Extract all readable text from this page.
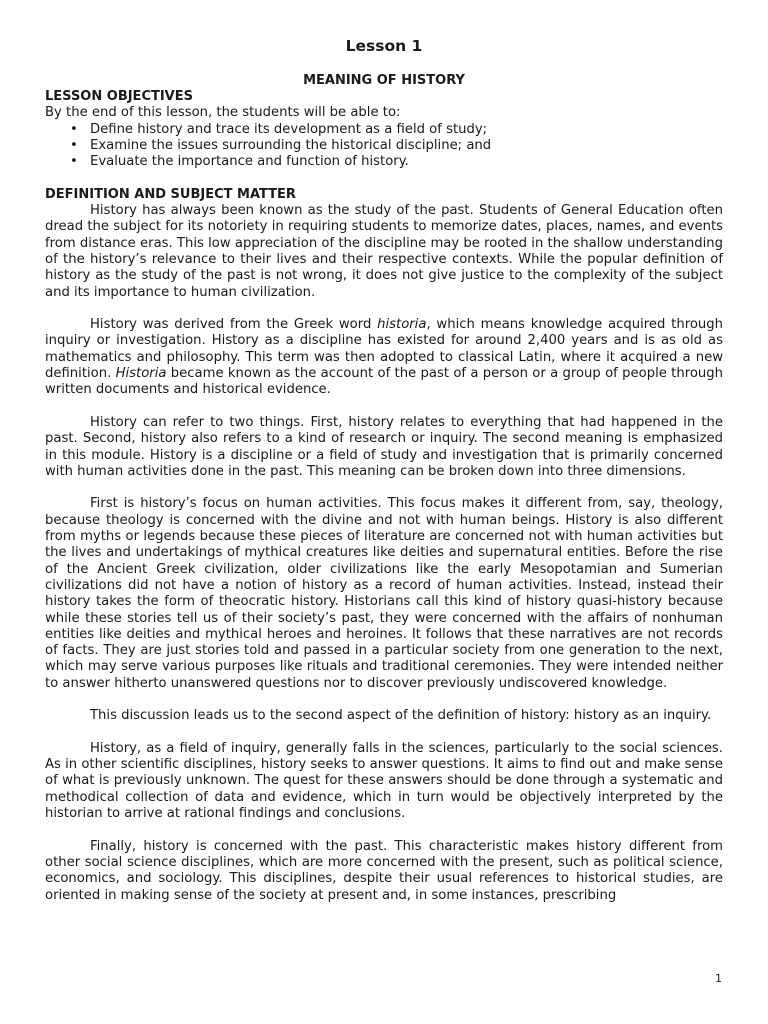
Lesson 1
MEANING OF HISTORY
LESSON OBJECTIVES

By the end of this lesson, the students will be able to:

• Define history and trace its development as a field of study;
• Examine the issues surrounding the historical discipline; and
• Evaluate the importance and function of history.
DEFINITION AND SUBJECT MATTER

History has always been known as the study of the past. Students of General Education often dread the subject for its notoriety in requiring students to memorize dates, places, names, and events from distance eras. This low appreciation of the discipline may be rooted in the shallow understanding of the history’s relevance to their lives and their respective contexts. While the popular definition of history as the study of the past is not wrong, it does not give justice to the complexity of the subject and its importance to human civilization.

History was derived from the Greek word historia, which means knowledge acquired through inquiry or investigation. History as a discipline has existed for around 2,400 years and is as old as mathematics and philosophy. This term was then adopted to classical Latin, where it acquired a new definition. Historia became known as the account of the past of a person or a group of people through written documents and historical evidence.

History can refer to two things. First, history relates to everything that had happened in the past. Second, history also refers to a kind of research or inquiry. The second meaning is emphasized in this module. History is a discipline or a field of study and investigation that is primarily concerned with human activities done in the past. This meaning can be broken down into three dimensions.

First is history’s focus on human activities. This focus makes it different from, say, theology, because theology is concerned with the divine and not with human beings. History is also different from myths or legends because these pieces of literature are concerned not with human activities but the lives and undertakings of mythical creatures like deities and supernatural entities. Before the rise of the Ancient Greek civilization, older civilizations like the early Mesopotamian and Sumerian civilizations did not have a notion of history as a record of human activities. Instead, instead their history takes the form of theocratic history. Historians call this kind of history quasi-history because while these stories tell us of their society’s past, they were concerned with the affairs of nonhuman entities like deities and mythical heroes and heroines. It follows that these narratives are not records of facts. They are just stories told and passed in a particular society from one generation to the next, which may serve various purposes like rituals and traditional ceremonies. They were intended neither to answer hitherto unanswered questions nor to discover previously undiscovered knowledge.

This discussion leads us to the second aspect of the definition of history: history as an inquiry.

History, as a field of inquiry, generally falls in the sciences, particularly to the social sciences. As in other scientific disciplines, history seeks to answer questions. It aims to find out and make sense of what is previously unknown. The quest for these answers should be done through a systematic and methodical collection of data and evidence, which in turn would be objectively interpreted by the historian to arrive at rational findings and conclusions.

Finally, history is concerned with the past. This characteristic makes history different from other social science disciplines, which are more concerned with the present, such as political science, economics, and sociology. This disciplines, despite their usual references to historical studies, are oriented in making sense of the society at present and, in some instances, prescribing

1
